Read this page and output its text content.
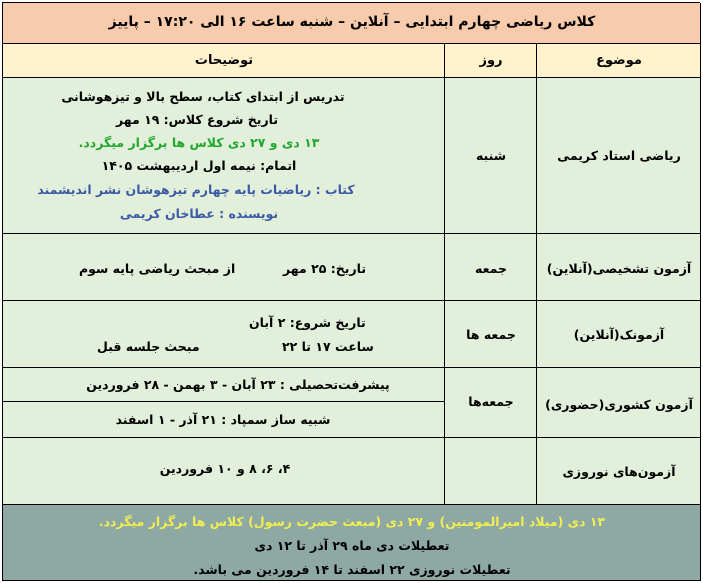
کلاس ریاضی چهارم ابتدایی – آنلاین – شنبه ساعت ۱۶ الی ۱۷:۲۰ – پاییز
توضیحات	روز	موضوع
تدریس از ابتدای کتاب، سطح بالا و تیزهوشانی
تاریخ شروع کلاس: ۱۹ مهر
۱۳ دی و ۲۷ دی کلاس ها برگزار میگردد.
اتمام: نیمه اول اردیبهشت ۱۴۰۵
کتاب : ریاضیات پایه چهارم تیزهوشان نشر اندیشمند
نویسنده : عطاخان کریمی
شنبه	ریاضی استاد کریمی
تاریخ: ۲۵ مهر
از مبحث ریاضی پایه سوم	جمعه	آزمون تشخیصی(آنلاین)
تاریخ شروع: ۲ آبان
ساعت ۱۷ تا ۲۲
مبحث جلسه قبل
جمعه ها	آزمونک(آنلاین)
پیشرفت‌تحصیلی : ۲۳ آبان - ۳ بهمن - ۲۸ فروردین
شبیه ساز سمپاد : ۲۱ آذر - ۱ اسفند
جمعه‌ها	آزمون کشوری(حضوری)
۴، ۶، ۸ و ۱۰ فروردین	آزمون‌های نوروزی
۱۳ دی (میلاد امیرالمومنین) و ۲۷ دی (مبعث حضرت رسول) کلاس ها برگزار میگردد.
تعطیلات دی ماه ۲۹ آذر تا ۱۲ دی
تعطیلات نوروزی ۲۲ اسفند تا ۱۴ فروردین می باشد.
